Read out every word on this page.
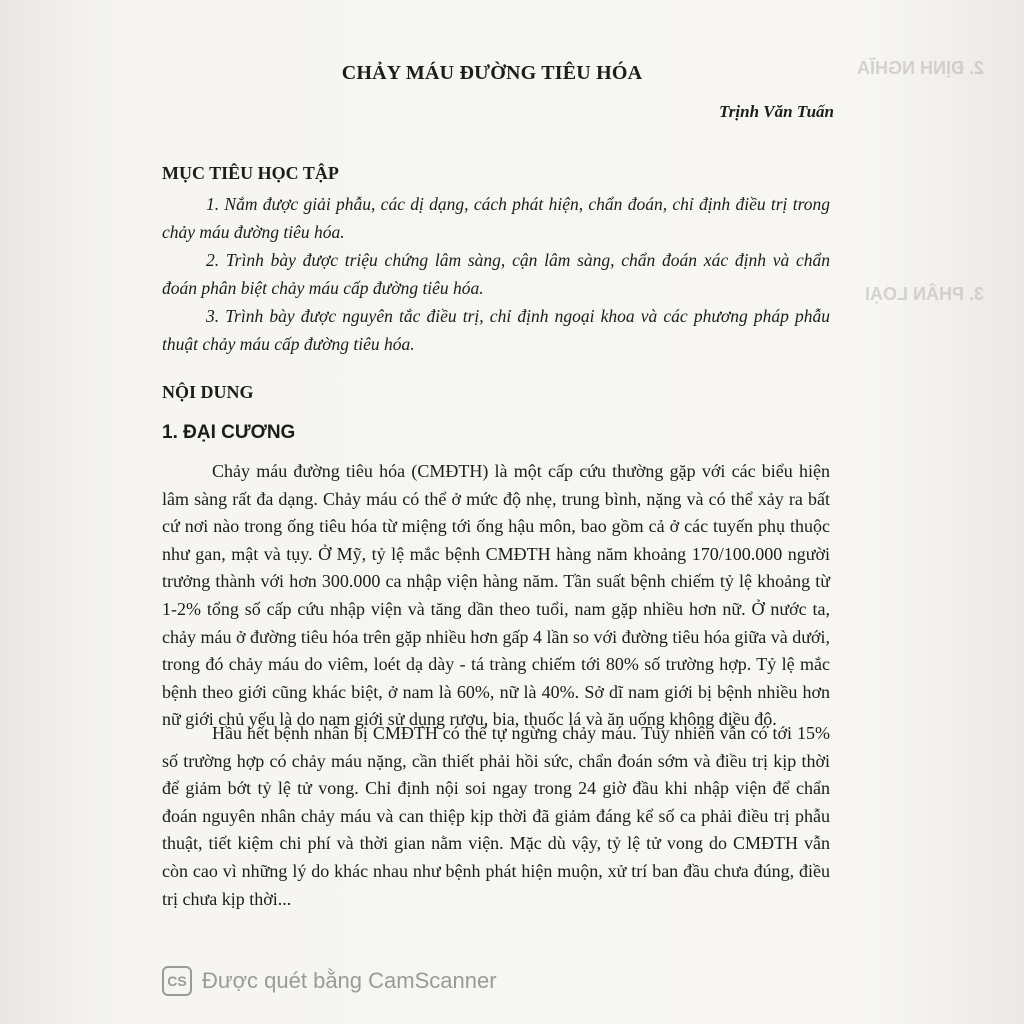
2. ĐỊNH NGHĨA
3. PHÂN LOẠI
CHẢY MÁU ĐƯỜNG TIÊU HÓA
Trịnh Văn Tuấn
MỤC TIÊU HỌC TẬP

1. Nắm được giải phẫu, các dị dạng, cách phát hiện, chẩn đoán, chỉ định điều trị trong chảy máu đường tiêu hóa.

2. Trình bày được triệu chứng lâm sàng, cận lâm sàng, chẩn đoán xác định và chẩn đoán phân biệt chảy máu cấp đường tiêu hóa.

3. Trình bày được nguyên tắc điều trị, chỉ định ngoại khoa và các phương pháp phẫu thuật chảy máu cấp đường tiêu hóa.

NỘI DUNG
1. ĐẠI CƯƠNG

Chảy máu đường tiêu hóa (CMĐTH) là một cấp cứu thường gặp với các biểu hiện lâm sàng rất đa dạng. Chảy máu có thể ở mức độ nhẹ, trung bình, nặng và có thể xảy ra bất cứ nơi nào trong ống tiêu hóa từ miệng tới ống hậu môn, bao gồm cả ở các tuyến phụ thuộc như gan, mật và tụy. Ở Mỹ, tỷ lệ mắc bệnh CMĐTH hàng năm khoảng 170/100.000 người trưởng thành với hơn 300.000 ca nhập viện hàng năm. Tần suất bệnh chiếm tỷ lệ khoảng từ 1-2% tổng số cấp cứu nhập viện và tăng dần theo tuổi, nam gặp nhiều hơn nữ. Ở nước ta, chảy máu ở đường tiêu hóa trên gặp nhiều hơn gấp 4 lần so với đường tiêu hóa giữa và dưới, trong đó chảy máu do viêm, loét dạ dày - tá tràng chiếm tới 80% số trường hợp. Tỷ lệ mắc bệnh theo giới cũng khác biệt, ở nam là 60%, nữ là 40%. Sở dĩ nam giới bị bệnh nhiều hơn nữ giới chủ yếu là do nam giới sử dụng rượu, bia, thuốc lá và ăn uống không điều độ.

Hầu hết bệnh nhân bị CMĐTH có thể tự ngừng chảy máu. Tuy nhiên vẫn có tới 15% số trường hợp có chảy máu nặng, cần thiết phải hồi sức, chẩn đoán sớm và điều trị kịp thời để giảm bớt tỷ lệ tử vong. Chỉ định nội soi ngay trong 24 giờ đầu khi nhập viện để chẩn đoán nguyên nhân chảy máu và can thiệp kịp thời đã giảm đáng kể số ca phải điều trị phẫu thuật, tiết kiệm chi phí và thời gian nằm viện. Mặc dù vậy, tỷ lệ tử vong do CMĐTH vẫn còn cao vì những lý do khác nhau như bệnh phát hiện muộn, xử trí ban đầu chưa đúng, điều trị chưa kịp thời...

CS Được quét bằng CamScanner
